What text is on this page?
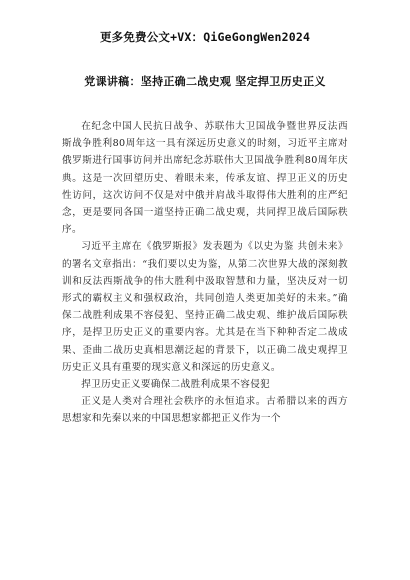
更多免费公文+VX：QiGeGongWen2024
党课讲稿：坚持正确二战史观 坚定捍卫历史正义

在纪念中国人民抗日战争、苏联伟大卫国战争暨世界反法西斯战争胜利80周年这一具有深远历史意义的时刻，习近平主席对俄罗斯进行国事访问并出席纪念苏联伟大卫国战争胜利80周年庆典。这是一次回望历史、着眼未来，传承友谊、捍卫正义的历史性访问，这次访问不仅是对中俄并肩战斗取得伟大胜利的庄严纪念，更是要同各国一道坚持正确二战史观，共同捍卫战后国际秩序。

习近平主席在《俄罗斯报》发表题为《以史为鉴 共创未来》的署名文章指出：“我们要以史为鉴，从第二次世界大战的深刻教训和反法西斯战争的伟大胜利中汲取智慧和力量，坚决反对一切形式的霸权主义和强权政治，共同创造人类更加美好的未来。”确保二战胜利成果不容侵犯、坚持正确二战史观、维护战后国际秩序，是捍卫历史正义的重要内容。尤其是在当下种种否定二战成果、歪曲二战历史真相思潮泛起的背景下，以正确二战史观捍卫历史正义具有重要的现实意义和深远的历史意义。

捍卫历史正义要确保二战胜利成果不容侵犯

正义是人类对合理社会秩序的永恒追求。古希腊以来的西方思想家和先秦以来的中国思想家都把正义作为一个
